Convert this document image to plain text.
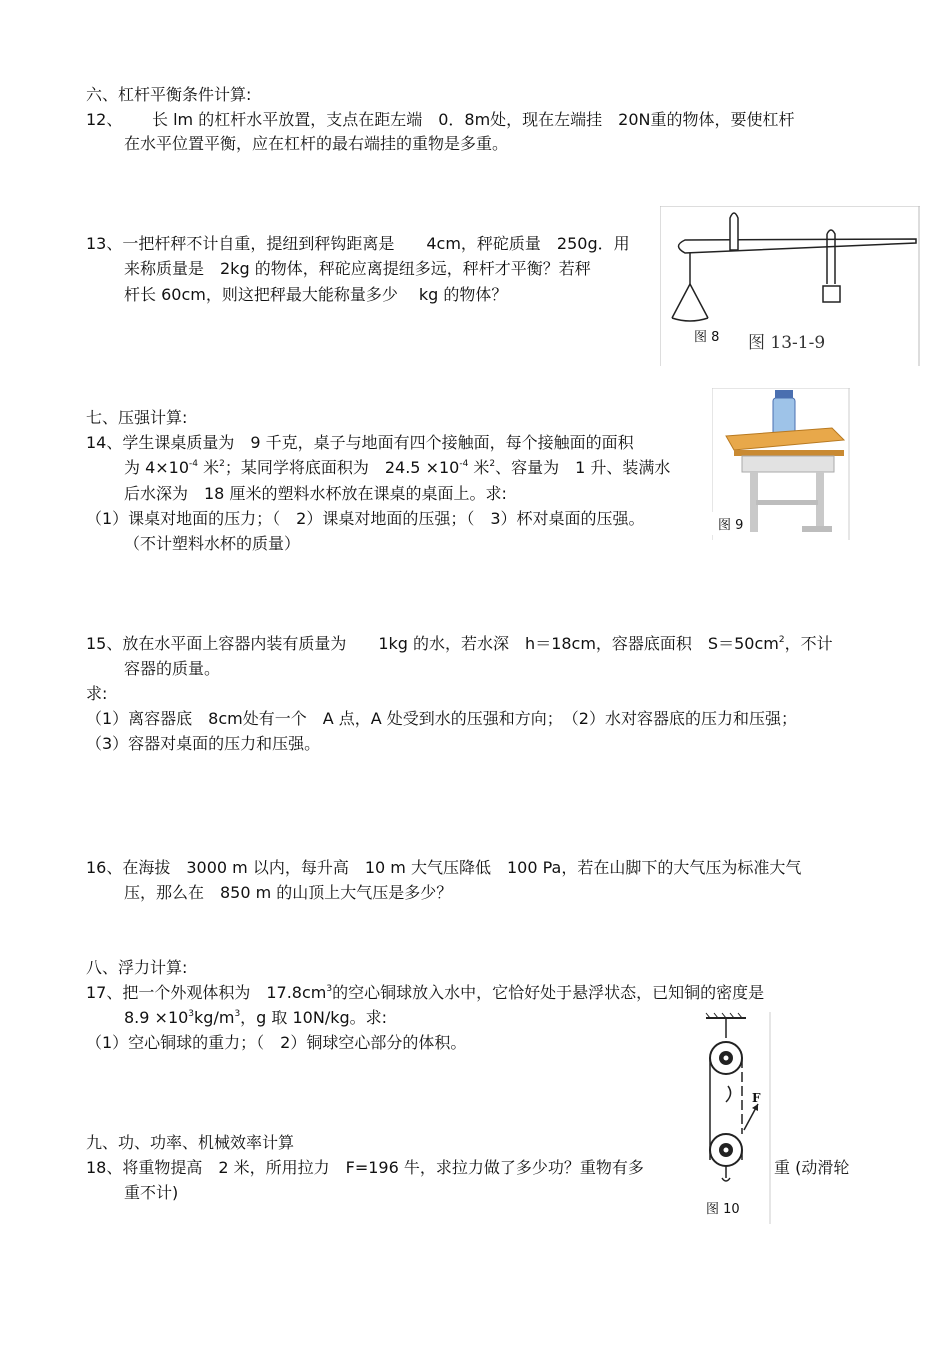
六、杠杆平衡条件计算:
12、 长 lm 的杠杆水平放置，支点在距左端　0．8m处，现在左端挂　20N重的物体，要使杠杆
在水平位置平衡，应在杠杆的最右端挂的重物是多重。
13、一把杆秤不计自重，提纽到秤钩距离是　　4cm，秤砣质量　250g．用
来称质量是　2kg 的物体，秤砣应离提纽多远，秤杆才平衡？若秤
杆长 60cm，则这把秤最大能称量多少　 kg 的物体？
图 8	图 13-1-9
七、压强计算:
14、学生课桌质量为　9 千克，桌子与地面有四个接触面，每个接触面的面积
为 $4\times 10^{-4}$ 米$^2$；某同学将底面积为　$24.5 \times 10^{-4}$ 米$^2$、容量为　1 升、装满水
后水深为　18 厘米的塑料水杯放在课桌的桌面上。求:
（1）课桌对地面的压力；（　2）课桌对地面的压强；（　3）杯对桌面的压强。
（不计塑料水杯的质量）
图 9
15、放在水平面上容器内装有质量为　　1kg 的水，若水深　h＝18cm，容器底面积　$S=50cm^2$，不计
容器的质量。
求:
（1）离容器底　8cm处有一个　A 点，A 处受到水的压强和方向；　（2）水对容器底的压力和压强；
（3）容器对桌面的压力和压强。
16、在海拔　3000 m 以内，每升高　10 m 大气压降低　100 Pa，若在山脚下的大气压为标准大气
压，那么在　850 m 的山顶上大气压是多少？
八、浮力计算:
17、把一个外观体积为　$17.8cm^3$的空心铜球放入水中，它恰好处于悬浮状态，已知铜的密度是
$8.9 \times 10^3kg/m^3$，g 取 10N/kg。求:
（1）空心铜球的重力；（　2）铜球空心部分的体积。
九、功、功率、机械效率计算
18、将重物提高　2 米，所用拉力　F=196 牛，求拉力做了多少功？重物有多	重 (动滑轮
重不计)
F
图 10
